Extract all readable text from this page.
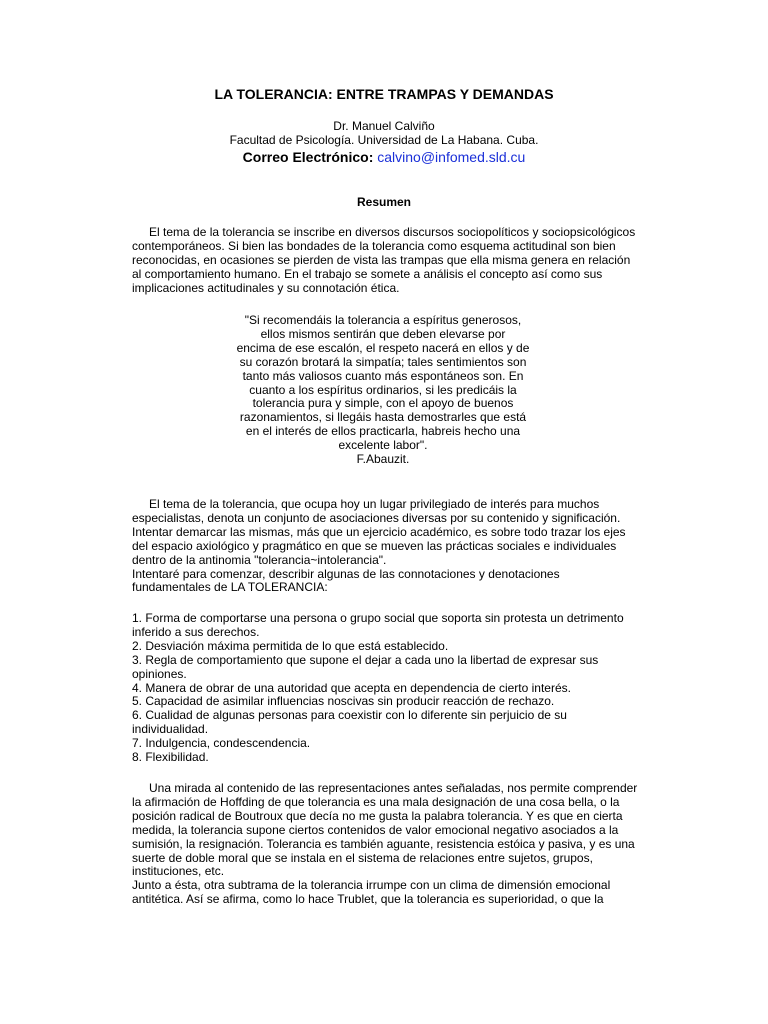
LA TOLERANCIA: ENTRE TRAMPAS Y DEMANDAS
Dr. Manuel Calviño
Facultad de Psicología. Universidad de La Habana. Cuba.
Correo Electrónico: calvino@infomed.sld.cu
Resumen

El tema de la tolerancia se inscribe en diversos discursos sociopolíticos y sociopsicológicos
contemporáneos. Si bien las bondades de la tolerancia como esquema actitudinal son bien
reconocidas, en ocasiones se pierden de vista las trampas que ella misma genera en relación
al comportamiento humano. En el trabajo se somete a análisis el concepto así como sus
implicaciones actitudinales y su connotación ética.

"Si recomendáis la tolerancia a espíritus generosos,
ellos mismos sentirán que deben elevarse por
encima de ese escalón, el respeto nacerá en ellos y de
su corazón brotará la simpatía; tales sentimientos son
tanto más valiosos cuanto más espontáneos son. En
cuanto a los espíritus ordinarios, si les predicáis la
tolerancia pura y simple, con el apoyo de buenos
razonamientos, si llegáis hasta demostrarles que está
en el interés de ellos practicarla, habreis hecho una
excelente labor".
F.Abauzit.

El tema de la tolerancia, que ocupa hoy un lugar privilegiado de interés para muchos
especialistas, denota un conjunto de asociaciones diversas por su contenido y significación.
Intentar demarcar las mismas, más que un ejercicio académico, es sobre todo trazar los ejes
del espacio axiológico y pragmático en que se mueven las prácticas sociales e individuales
dentro de la antinomia "tolerancia~intolerancia".
Intentaré para comenzar, describir algunas de las connotaciones y denotaciones
fundamentales de LA TOLERANCIA:

1. Forma de comportarse una persona o grupo social que soporta sin protesta un detrimento
inferido a sus derechos.
2. Desviación máxima permitida de lo que está establecido.
3. Regla de comportamiento que supone el dejar a cada uno la libertad de expresar sus
opiniones.
4. Manera de obrar de una autoridad que acepta en dependencia de cierto interés.
5. Capacidad de asimilar influencias noscivas sin producir reacción de rechazo.
6. Cualidad de algunas personas para coexistir con lo diferente sin perjuicio de su
individualidad.
7. Indulgencia, condescendencia.
8. Flexibilidad.

Una mirada al contenido de las representaciones antes señaladas, nos permite comprender
la afirmación de Hoffding de que tolerancia es una mala designación de una cosa bella, o la
posición radical de Boutroux que decía no me gusta la palabra tolerancia. Y es que en cierta
medida, la tolerancia supone ciertos contenidos de valor emocional negativo asociados a la
sumisión, la resignación. Tolerancia es también aguante, resistencia estóica y pasiva, y es una
suerte de doble moral que se instala en el sistema de relaciones entre sujetos, grupos,
instituciones, etc.
Junto a ésta, otra subtrama de la tolerancia irrumpe con un clima de dimensión emocional
antitética. Así se afirma, como lo hace Trublet, que la tolerancia es superioridad, o que la
